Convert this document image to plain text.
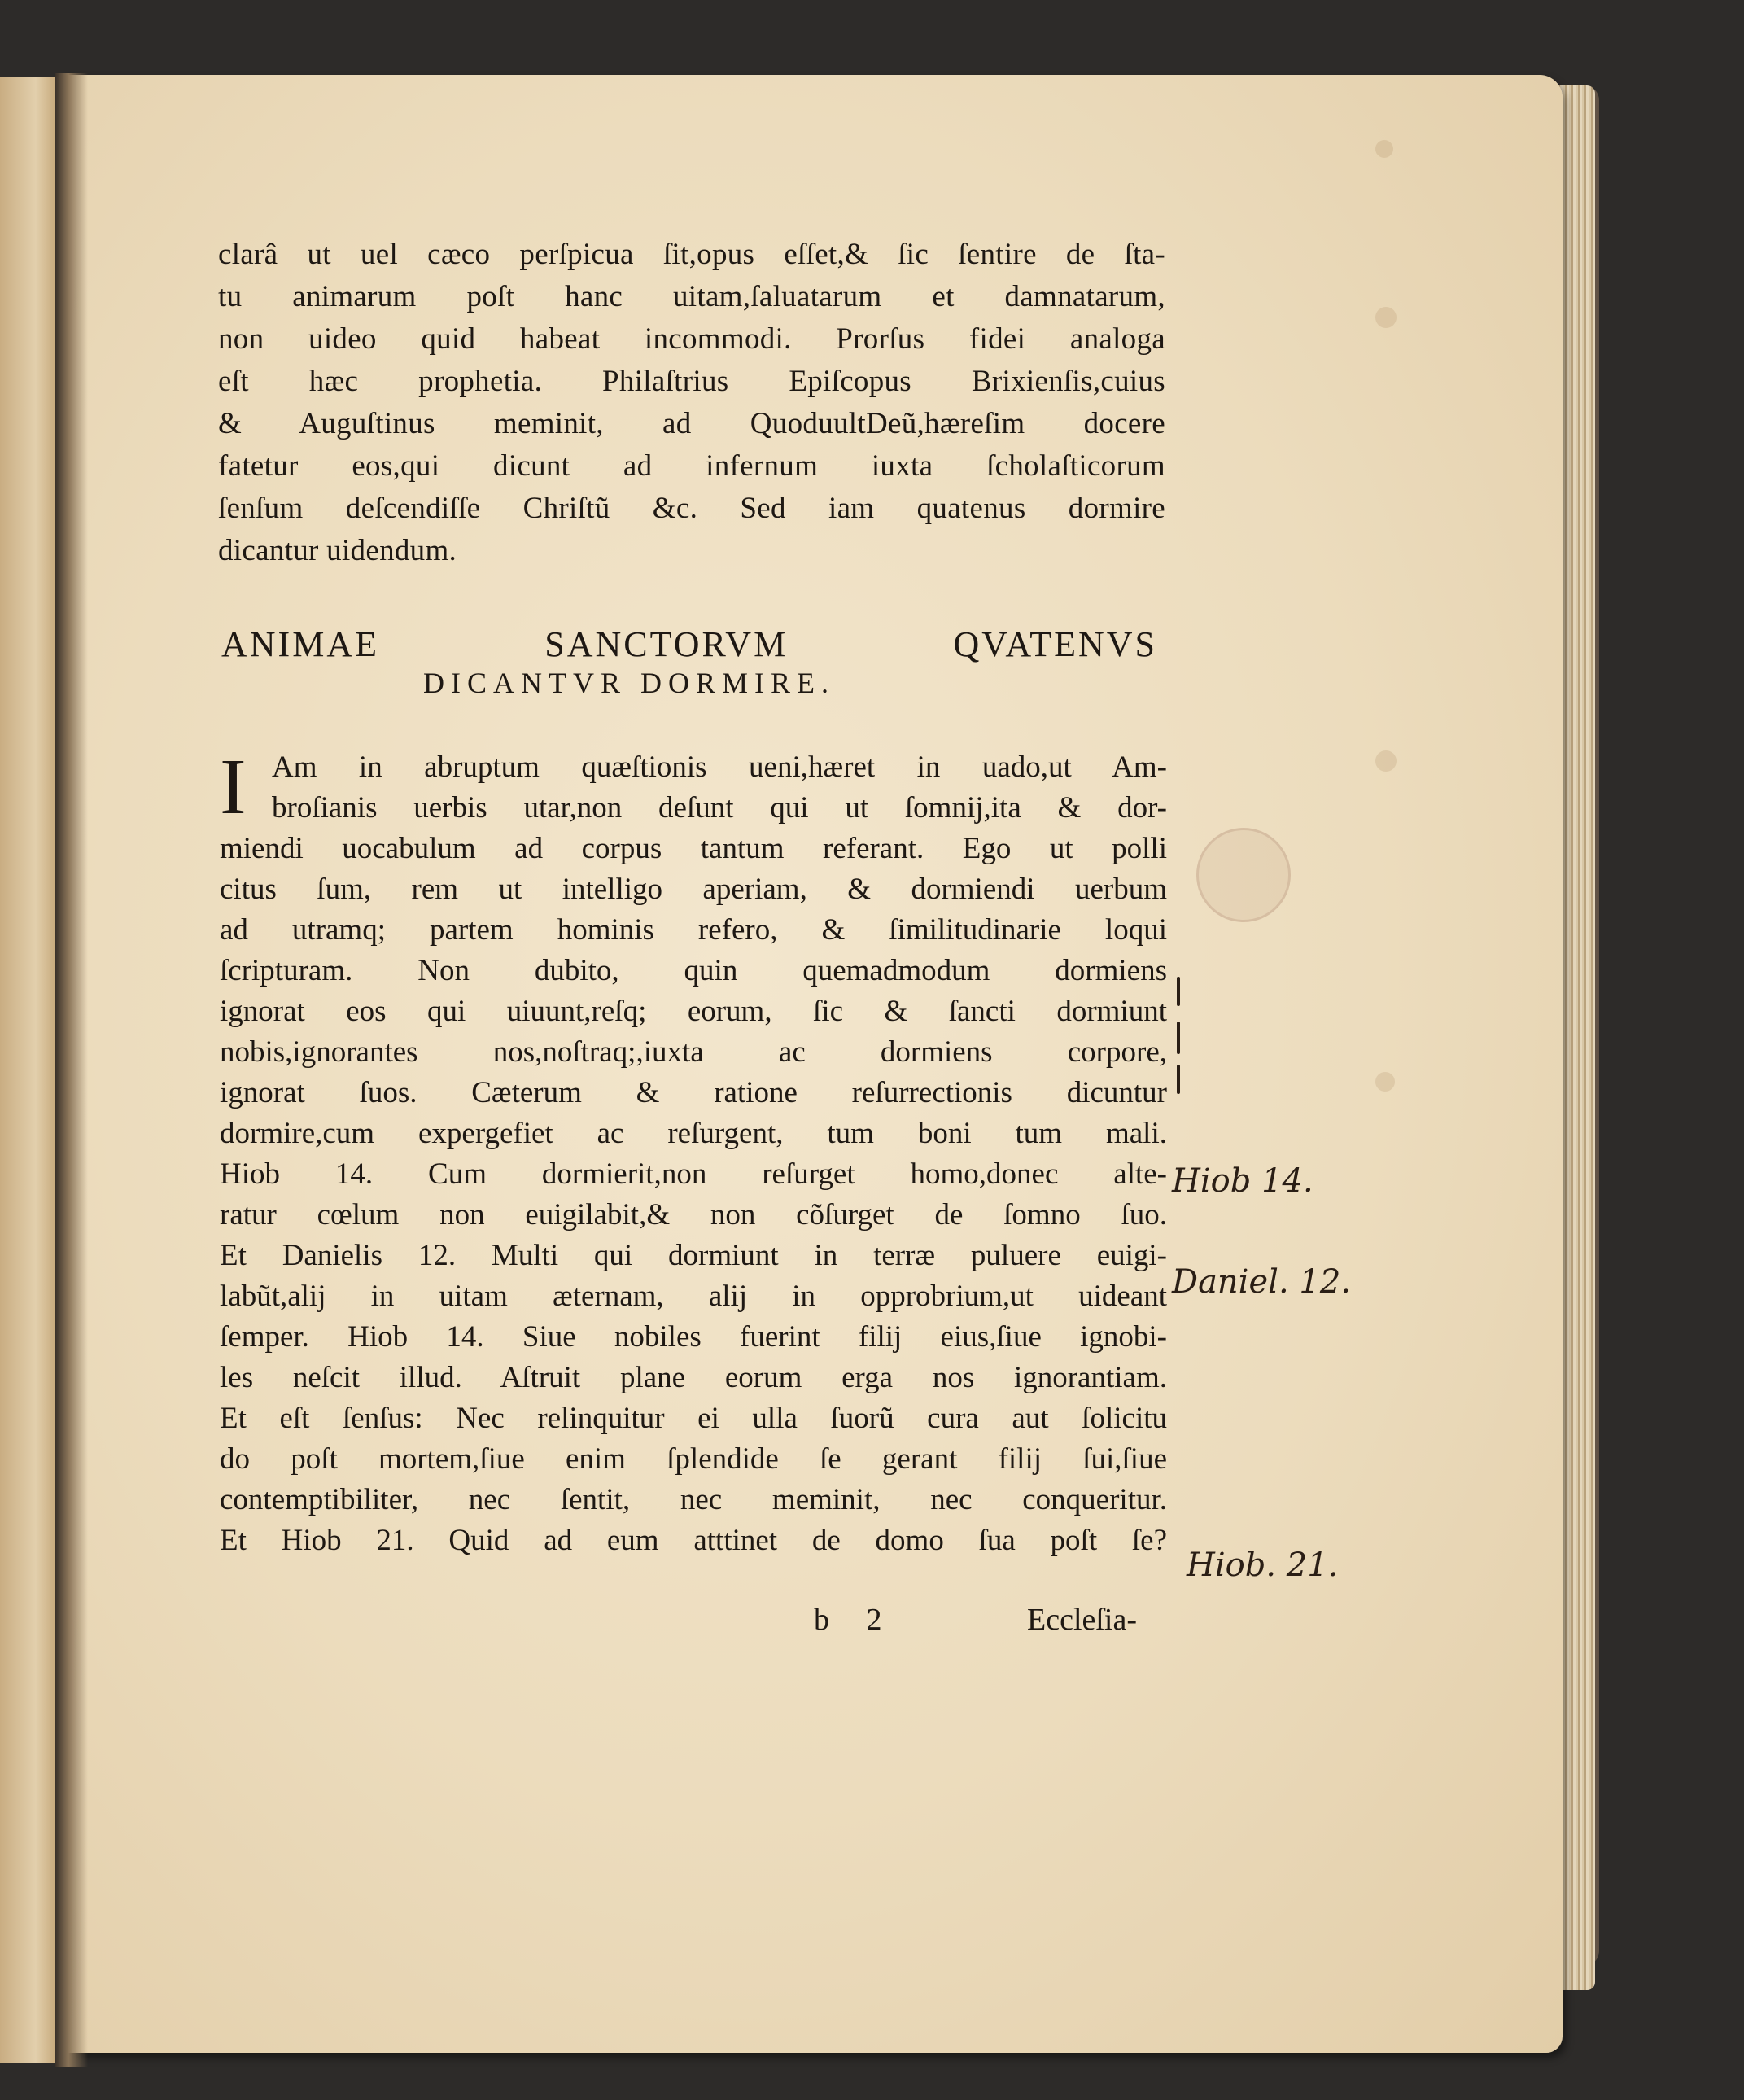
clarâ ut uel cæco perſpicua ſit,opus eſſet,& ſic ſentire de ſta-
tu animarum poſt hanc uitam,ſaluatarum et damnatarum,
non uideo quid habeat incommodi. Prorſus fidei analoga
eſt hæc prophetia. Philaſtrius Epiſcopus Brixienſis,cuius
& Auguſtinus meminit, ad QuoduultDeũ,hæreſim docere
fatetur eos,qui dicunt ad infernum iuxta ſcholaſticorum
ſenſum deſcendiſſe Chriſtũ &c. Sed iam quatenus dormire
dicantur uidendum.
ANIMAE SANCTORVM QVATENVS
DICANTVR DORMIRE.
Am in abruptum quæſtionis ueni,hæret in uado,ut Am-
broſianis uerbis utar,non deſunt qui ut ſomnij,ita & dor-
miendi uocabulum ad corpus tantum referant. Ego ut polli
citus ſum, rem ut intelligo aperiam, & dormiendi uerbum
ad utramq; partem hominis refero, & ſimilitudinarie loqui
ſcripturam. Non dubito, quin quemadmodum dormiens
ignorat eos qui uiuunt,reſq; eorum, ſic & ſancti dormiunt
nobis,ignorantes nos,noſtraq;,iuxta ac dormiens corpore,
ignorat ſuos. Cæterum & ratione reſurrectionis dicuntur
dormire,cum expergefiet ac reſurgent, tum boni tum mali.
Hiob 14. Cum dormierit,non reſurget homo,donec alte-
ratur cœlum non euigilabit,& non cõſurget de ſomno ſuo.
Et Danielis 12. Multi qui dormiunt in terræ puluere euigi-
labũt,alij in uitam æternam, alij in opprobrium,ut uideant
ſemper. Hiob 14. Siue nobiles fuerint filij eius,ſiue ignobi-
les neſcit illud. Aſtruit plane eorum erga nos ignorantiam.
Et eſt ſenſus: Nec relinquitur ei ulla ſuorũ cura aut ſolicitu
do poſt mortem,ſiue enim ſplendide ſe gerant filij ſui,ſiue
contemptibiliter, nec ſentit, nec meminit, nec conqueritur.
Et Hiob 21. Quid ad eum atttinet de domo ſua poſt ſe?
I
b 2	Eccleſia-
Hiob 14.
Daniel. 12.
Hiob. 21.
